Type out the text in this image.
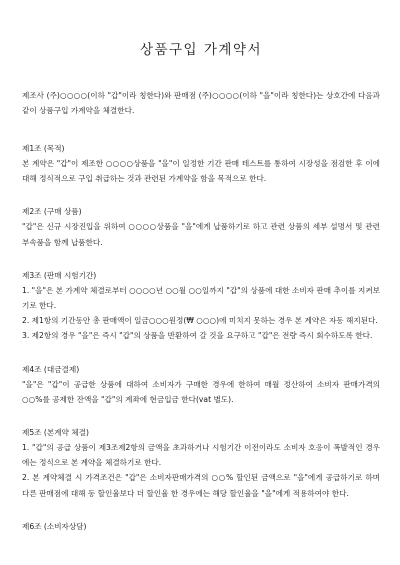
상품구입 가계약서

제조사 (주)○○○○(이하 "갑"이라 칭한다)와 판매점 (주)○○○○(이하 "을"이라 칭한다)는 상호간에 다음과 같이 상품구입 가계약을 체결한다.

제1조 (목적)

본 계약은 "갑"이 제조한 ○○○○상품을 "을"이 일정한 기간 판매 테스트를 통하여 시장성을 점검한 후 이에 대해 정식적으로 구입 취급하는 것과 관련된 가계약을 함을 목적으로 한다.

제2조 (구매 상품)

"갑"은 신규 시장진입을 위하여 ○○○○상품을 "을"에게 납품하기로 하고 관련 상품의 세부 설명서 및 관련 부속품을 함께 납품한다.

제3조 (판매 시험기간)

1. "을"은 본 가계약 체결로부터 ○○○○년 ○○월 ○○일까지 "갑"의 상품에 대한 소비자 판매 추이를 지켜보기로 한다.

2. 제1항의 기간동안 총 판매액이 일금○○○원정(₩ ○○○)에 미치지 못하는 경우 본 계약은 자동 해지된다.

3. 제2항의 경우 "을"은 즉시 "갑"의 상품을 반환하여 갈 것을 요구하고 "갑"은 전량 즉시 회수하도록 한다.

제4조 (대금결제)

"을"은 "갑"이 공급한 상품에 대하여 소비자가 구매한 경우에 한하여 매월 정산하여 소비자 판매가격의 ○○%를 공제한 잔액을 "갑"의 계좌에 현금입금 한다(vat 별도).

제5조 (본계약 체결)

1. "갑"의 공급 상품이 제3조제2항의 금액을 초과하거나 시험기간 이전이라도 소비자 호응이 폭발적인 경우에는 정식으로 본 계약을 체결하기로 한다.

2. 본 계약체결 시 가격조건은 "갑"은 소비자판매가격의 ○○% 할인된 금액으로 "을"에게 공급하기로 하며 다른 판매점에 대해 동 할인율보다 더 할인율 한 경우에는 해당 할인율을 "을"에게 적용하여야 한다.

제6조 (소비자상담)
